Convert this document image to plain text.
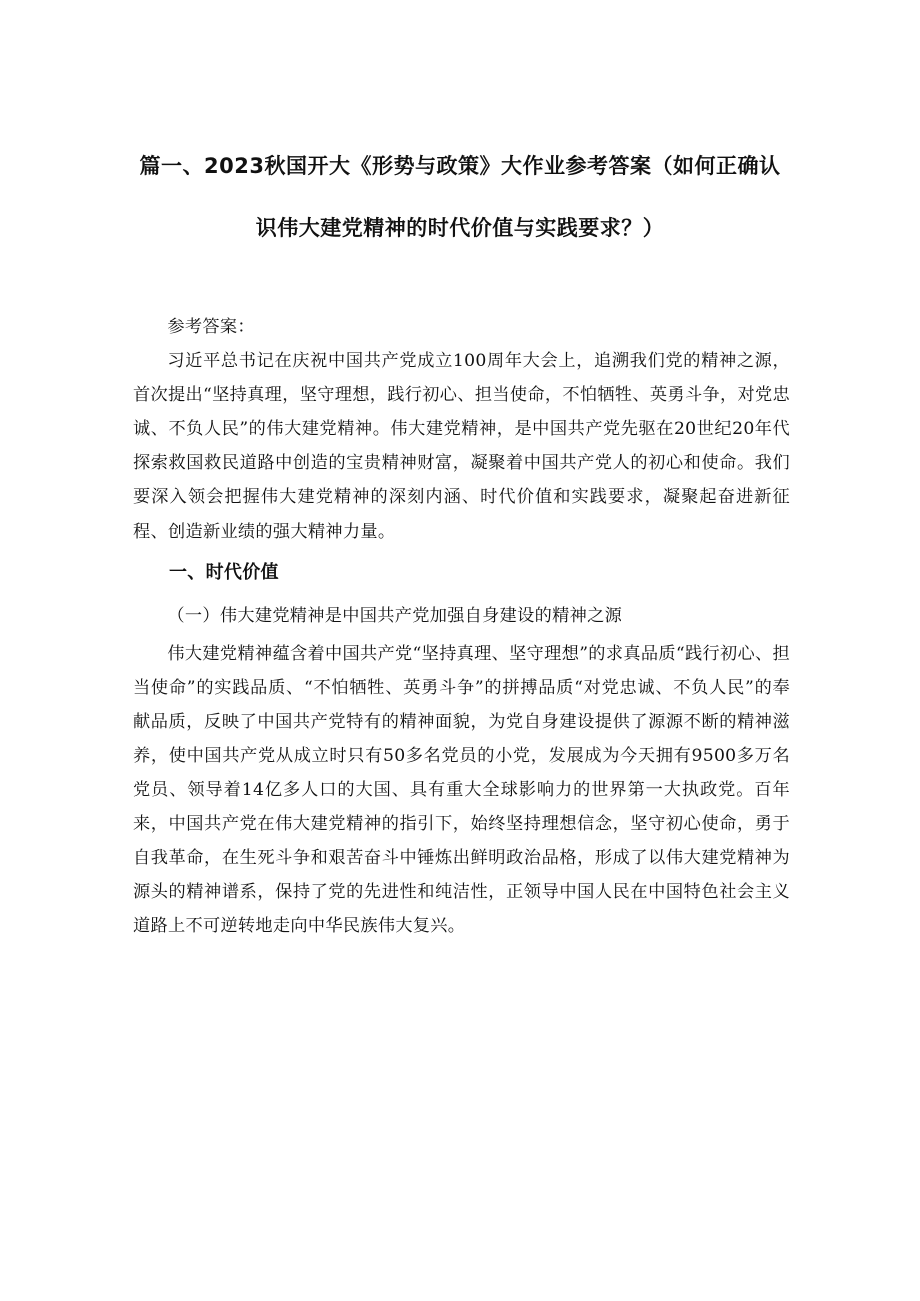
篇一、2023秋国开大《形势与政策》大作业参考答案（如何正确认
识伟大建党精神的时代价值与实践要求？）

参考答案：

习近平总书记在庆祝中国共产党成立100周年大会上，追溯我们党的精神之源，首次提出“坚持真理，坚守理想，践行初心、担当使命，不怕牺牲、英勇斗争，对党忠诚、不负人民”的伟大建党精神。伟大建党精神，是中国共产党先驱在20世纪20年代探索救国救民道路中创造的宝贵精神财富，凝聚着中国共产党人的初心和使命。我们要深入领会把握伟大建党精神的深刻内涵、时代价值和实践要求，凝聚起奋进新征程、创造新业绩的强大精神力量。

一、时代价值

（一）伟大建党精神是中国共产党加强自身建设的精神之源

伟大建党精神蕴含着中国共产党“坚持真理、坚守理想”的求真品质“践行初心、担当使命”的实践品质、“不怕牺牲、英勇斗争”的拼搏品质“对党忠诚、不负人民”的奉献品质，反映了中国共产党特有的精神面貌，为党自身建设提供了源源不断的精神滋养，使中国共产党从成立时只有50多名党员的小党，发展成为今天拥有9500多万名党员、领导着14亿多人口的大国、具有重大全球影响力的世界第一大执政党。百年来，中国共产党在伟大建党精神的指引下，始终坚持理想信念，坚守初心使命，勇于自我革命，在生死斗争和艰苦奋斗中锤炼出鲜明政治品格，形成了以伟大建党精神为源头的精神谱系，保持了党的先进性和纯洁性，正领导中国人民在中国特色社会主义道路上不可逆转地走向中华民族伟大复兴。
